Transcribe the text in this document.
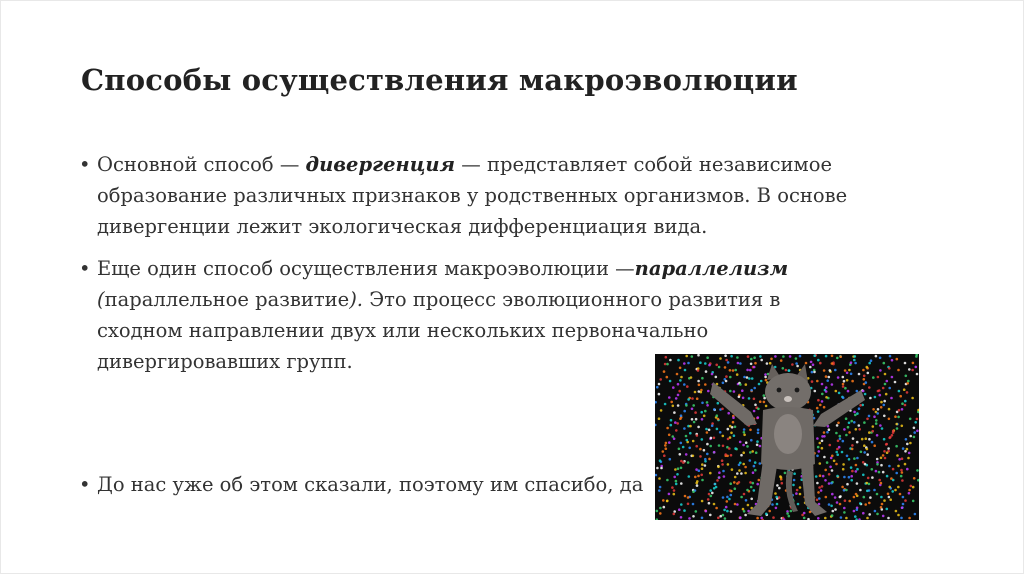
Способы осуществления макроэволюции
• Основной способ — дивергенция — представляет собой независимое
образование различных признаков у родственных организмов. В основе
дивергенции лежит экологическая дифференциация вида.
• Еще один способ осуществления макроэволюции —параллелизм
(параллельное развитие). Это процесс эволюционного развития в
сходном направлении двух или нескольких первоначально
дивергировавших групп.
• До нас уже об этом сказали, поэтому им спасибо, да
